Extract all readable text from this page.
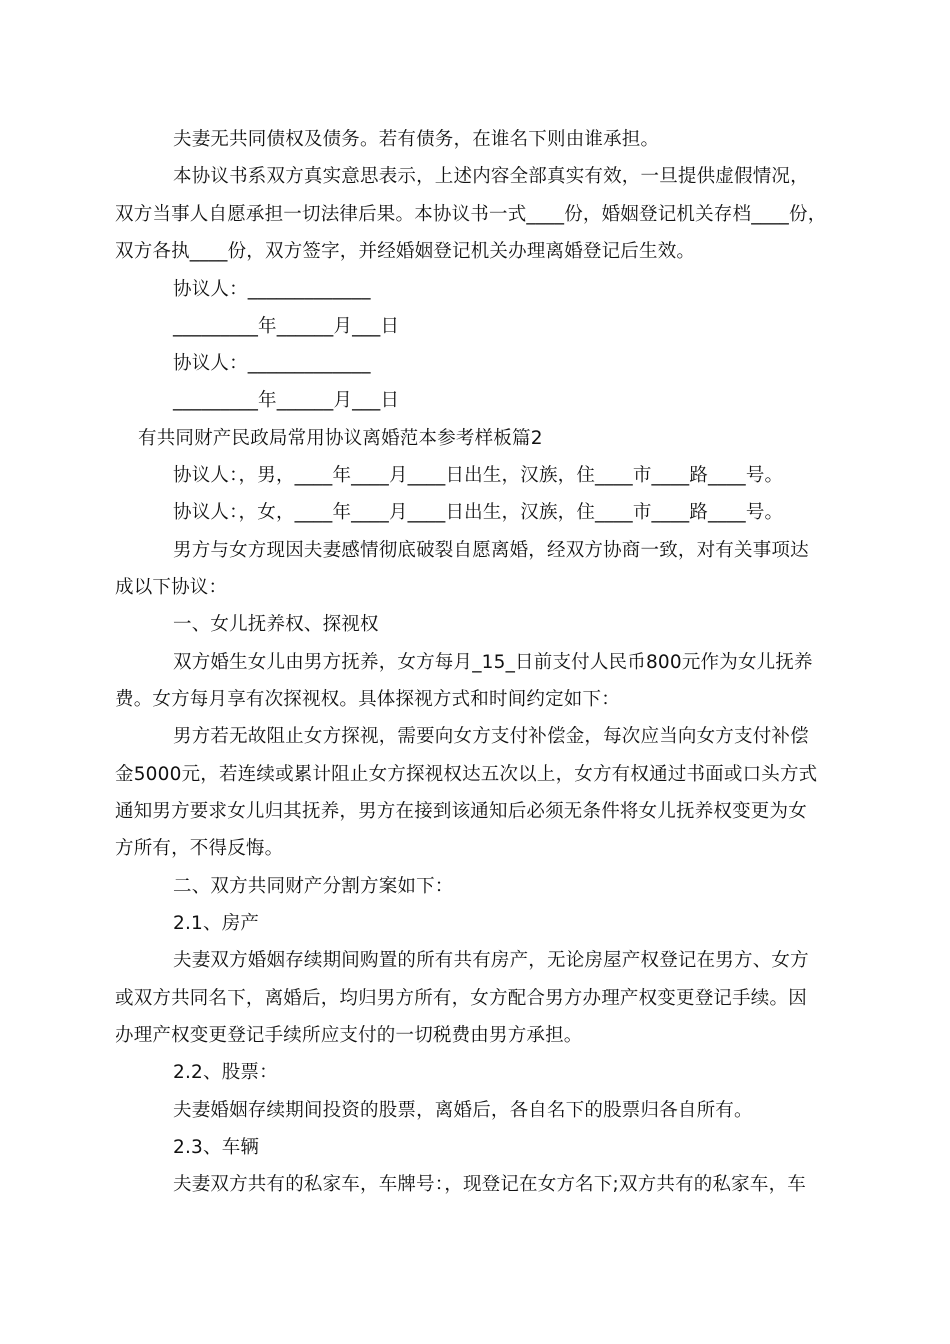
夫妻无共同债权及债务。若有债务，在谁名下则由谁承担。
本协议书系双方真实意思表示，上述内容全部真实有效，一旦提供虚假情况，
双方当事人自愿承担一切法律后果。本协议书一式____份，婚姻登记机关存档____份，
双方各执____份，双方签字，并经婚姻登记机关办理离婚登记后生效。
协议人：_____________
_________年______月___日
协议人：_____________
_________年______月___日
有共同财产民政局常用协议离婚范本参考样板篇2
协议人：，男，____年____月____日出生，汉族，住____市____路____号。
协议人：，女，____年____月____日出生，汉族，住____市____路____号。
男方与女方现因夫妻感情彻底破裂自愿离婚，经双方协商一致，对有关事项达
成以下协议：
一、女儿抚养权、探视权
双方婚生女儿由男方抚养，女方每月_15_日前支付人民币800元作为女儿抚养
费。女方每月享有次探视权。具体探视方式和时间约定如下：
男方若无故阻止女方探视，需要向女方支付补偿金，每次应当向女方支付补偿
金5000元，若连续或累计阻止女方探视权达五次以上，女方有权通过书面或口头方式
通知男方要求女儿归其抚养，男方在接到该通知后必须无条件将女儿抚养权变更为女
方所有，不得反悔。
二、双方共同财产分割方案如下：
2.1、房产
夫妻双方婚姻存续期间购置的所有共有房产，无论房屋产权登记在男方、女方
或双方共同名下，离婚后，均归男方所有，女方配合男方办理产权变更登记手续。因
办理产权变更登记手续所应支付的一切税费由男方承担。
2.2、股票：
夫妻婚姻存续期间投资的股票，离婚后，各自名下的股票归各自所有。
2.3、车辆
夫妻双方共有的私家车，车牌号：，现登记在女方名下;双方共有的私家车，车
